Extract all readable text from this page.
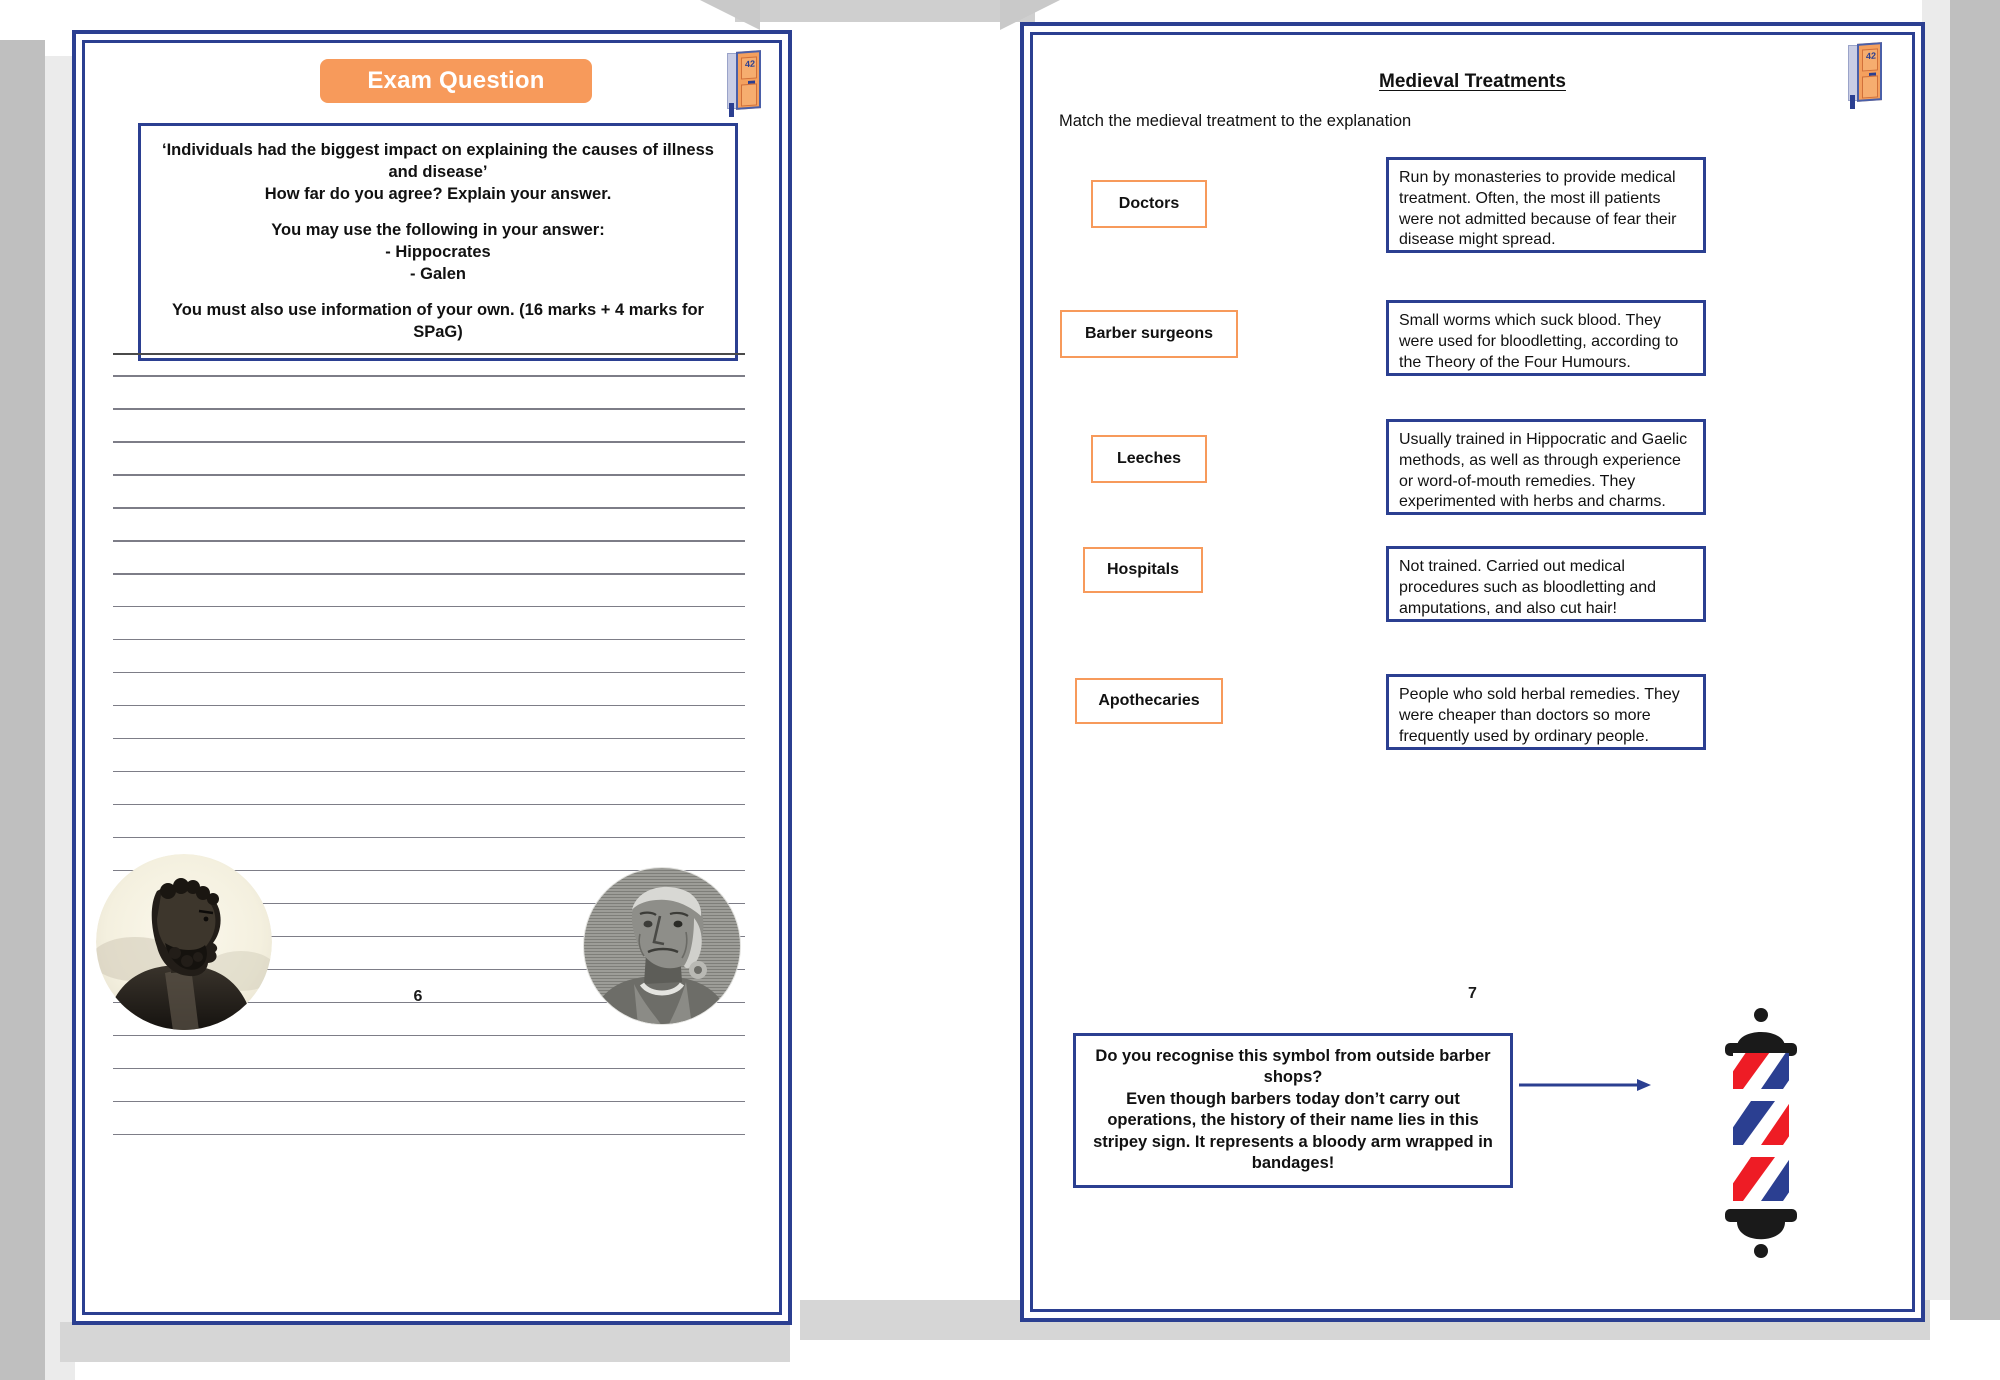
42
Exam Question
‘Individuals had the biggest impact on explaining the causes of illness and disease’
How far do you agree? Explain your answer.
You may use the following in your answer:
- Hippocrates
- Galen
You must also use information of your own. (16 marks + 4 marks for SPaG)
6
42
Medieval Treatments
Match the medieval treatment to the explanation
Doctors
Barber surgeons
Leeches
Hospitals
Apothecaries
Run by monasteries to provide medical treatment. Often, the most ill patients were not admitted because of fear their disease might spread.
Small worms which suck blood. They were used for bloodletting, according to the Theory of the Four Humours.
Usually trained in Hippocratic and Gaelic methods, as well as through experience or word-of-mouth remedies. They experimented with herbs and charms.
Not trained. Carried out medical procedures such as bloodletting and amputations, and also cut hair!
People who sold herbal remedies. They were cheaper than doctors so more frequently used by ordinary people.
Do you recognise this symbol from outside barber shops?
Even though barbers today don’t carry out operations, the history of their name lies in this stripey sign. It represents a bloody arm wrapped in bandages!
7
